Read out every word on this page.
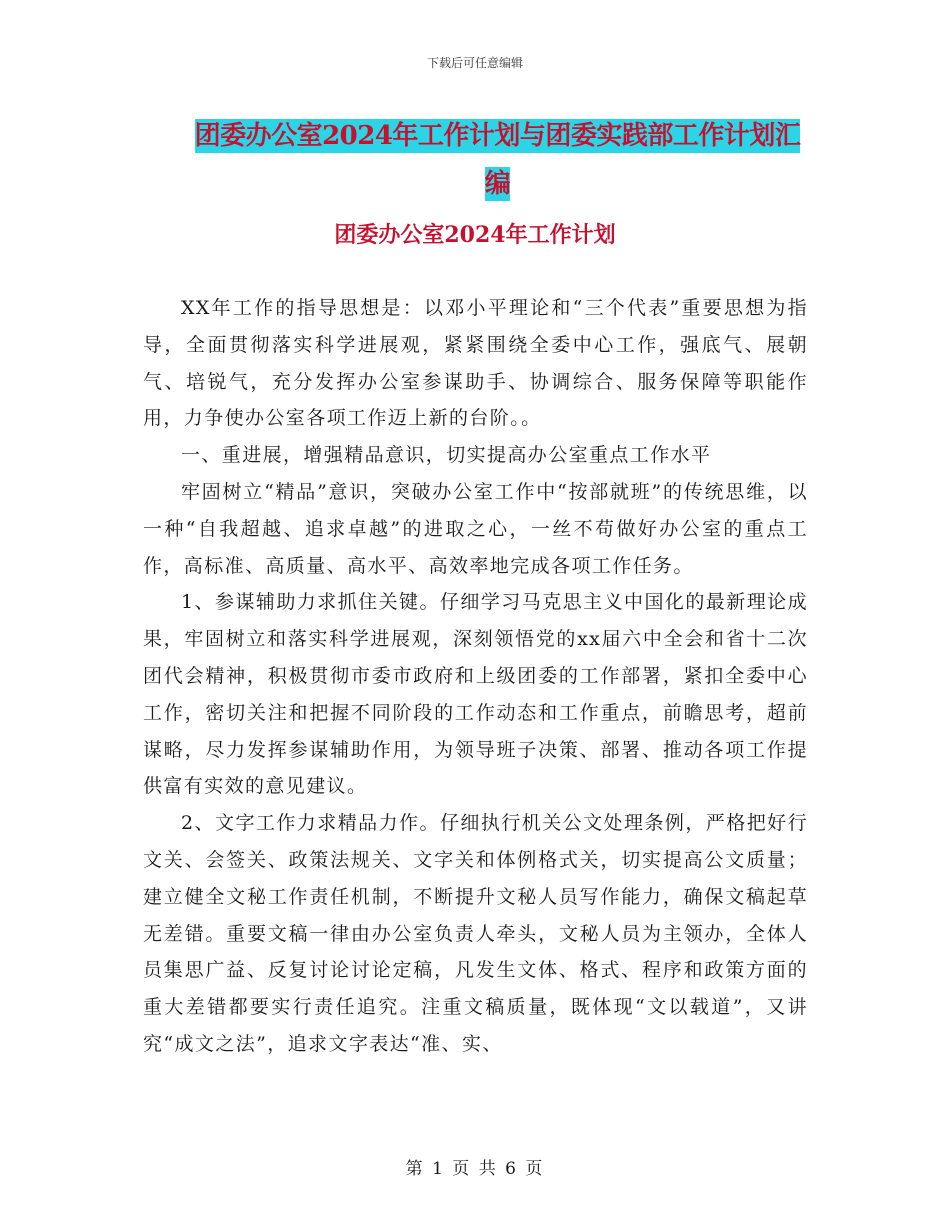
下载后可任意编辑
团委办公室2024年工作计划与团委实践部工作计划汇编
团委办公室2024年工作计划

XX年工作的指导思想是：以邓小平理论和“三个代表”重要思想为指导，全面贯彻落实科学进展观，紧紧围绕全委中心工作，强底气、展朝气、培锐气，充分发挥办公室参谋助手、协调综合、服务保障等职能作用，力争使办公室各项工作迈上新的台阶。。

一、重进展，增强精品意识，切实提高办公室重点工作水平

牢固树立“精品”意识，突破办公室工作中“按部就班”的传统思维，以一种“自我超越、追求卓越”的进取之心，一丝不苟做好办公室的重点工作，高标准、高质量、高水平、高效率地完成各项工作任务。

1、参谋辅助力求抓住关键。仔细学习马克思主义中国化的最新理论成果，牢固树立和落实科学进展观，深刻领悟党的xx届六中全会和省十二次团代会精神，积极贯彻市委市政府和上级团委的工作部署，紧扣全委中心工作，密切关注和把握不同阶段的工作动态和工作重点，前瞻思考，超前谋略，尽力发挥参谋辅助作用，为领导班子决策、部署、推动各项工作提供富有实效的意见建议。

2、文字工作力求精品力作。仔细执行机关公文处理条例，严格把好行文关、会签关、政策法规关、文字关和体例格式关，切实提高公文质量；建立健全文秘工作责任机制，不断提升文秘人员写作能力，确保文稿起草无差错。重要文稿一律由办公室负责人牵头，文秘人员为主领办，全体人员集思广益、反复讨论讨论定稿，凡发生文体、格式、程序和政策方面的重大差错都要实行责任追究。注重文稿质量，既体现“文以载道”，又讲究“成文之法”，追求文字表达“准、实、

第 1 页 共 6 页
